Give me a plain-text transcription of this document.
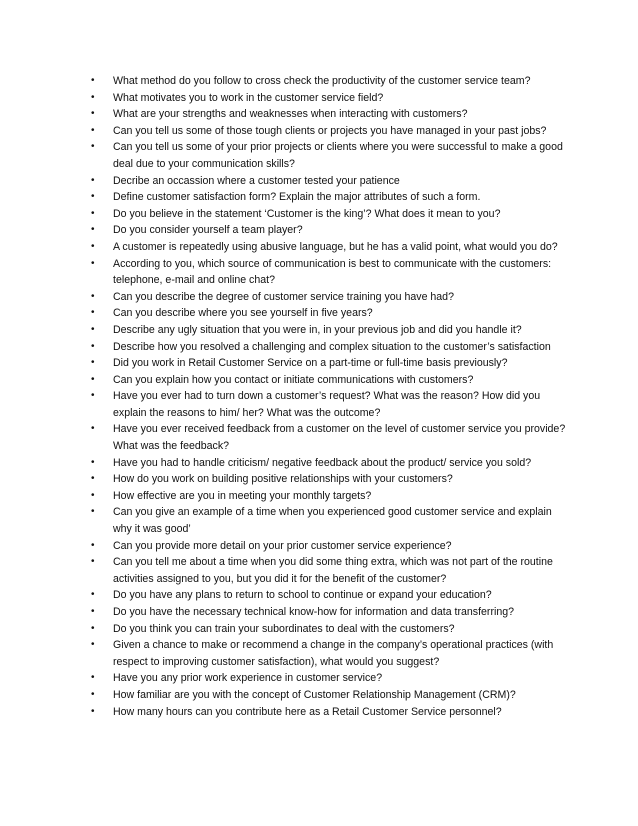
•	What method do you follow to cross check the productivity of the customer service team?
•	What motivates you to work in the customer service field?
•	What are your strengths and weaknesses when interacting with customers?
•	Can you tell us some of those tough clients or projects you have managed in your past jobs?
•	Can you tell us some of your prior projects or clients where you were successful to make a good deal due to your communication skills?
•	Decribe an occassion where a customer tested your patience
•	Define customer satisfaction form? Explain the major attributes of such a form.
•	Do you believe in the statement ‘Customer is the king’? What does it mean to you?
•	Do you consider yourself a team player?
•	A customer is repeatedly using abusive language, but he has a valid point, what would you do?
•	According to you, which source of communication is best to communicate with the customers: telephone, e-mail and online chat?
•	Can you describe the degree of customer service training you have had?
•	Can you describe where you see yourself in five years?
•	Describe any ugly situation that you were in, in your previous job and did you handle it?
•	Describe how you resolved a challenging and complex situation to the customer’s satisfaction
•	Did you work in Retail Customer Service on a part-time or full-time basis previously?
•	Can you explain how you contact or initiate communications with customers?
•	Have you ever had to turn down a customer’s request? What was the reason? How did you explain the reasons to him/ her? What was the outcome?
•	Have you ever received feedback from a customer on the level of customer service you provide? What was the feedback?
•	Have you had to handle criticism/ negative feedback about the product/ service you sold?
•	How do you work on building positive relationships with your customers?
•	How effective are you in meeting your monthly targets?
•	Can you give an example of a time when you experienced good customer service and explain why it was good’
•	Can you provide more detail on your prior customer service experience?
•	Can you tell me about a time when you did some thing extra, which was not part of the routine activities assigned to you, but you did it for the benefit of the customer?
•	Do you have any plans to return to school to continue or expand your education?
•	Do you have the necessary technical know-how for information and data transferring?
•	Do you think you can train your subordinates to deal with the customers?
•	Given a chance to make or recommend a change in the company’s operational practices (with respect to improving customer satisfaction), what would you suggest?
•	Have you any prior work experience in customer service?
•	How familiar are you with the concept of Customer Relationship Management (CRM)?
•	How many hours can you contribute here as a Retail Customer Service personnel?
